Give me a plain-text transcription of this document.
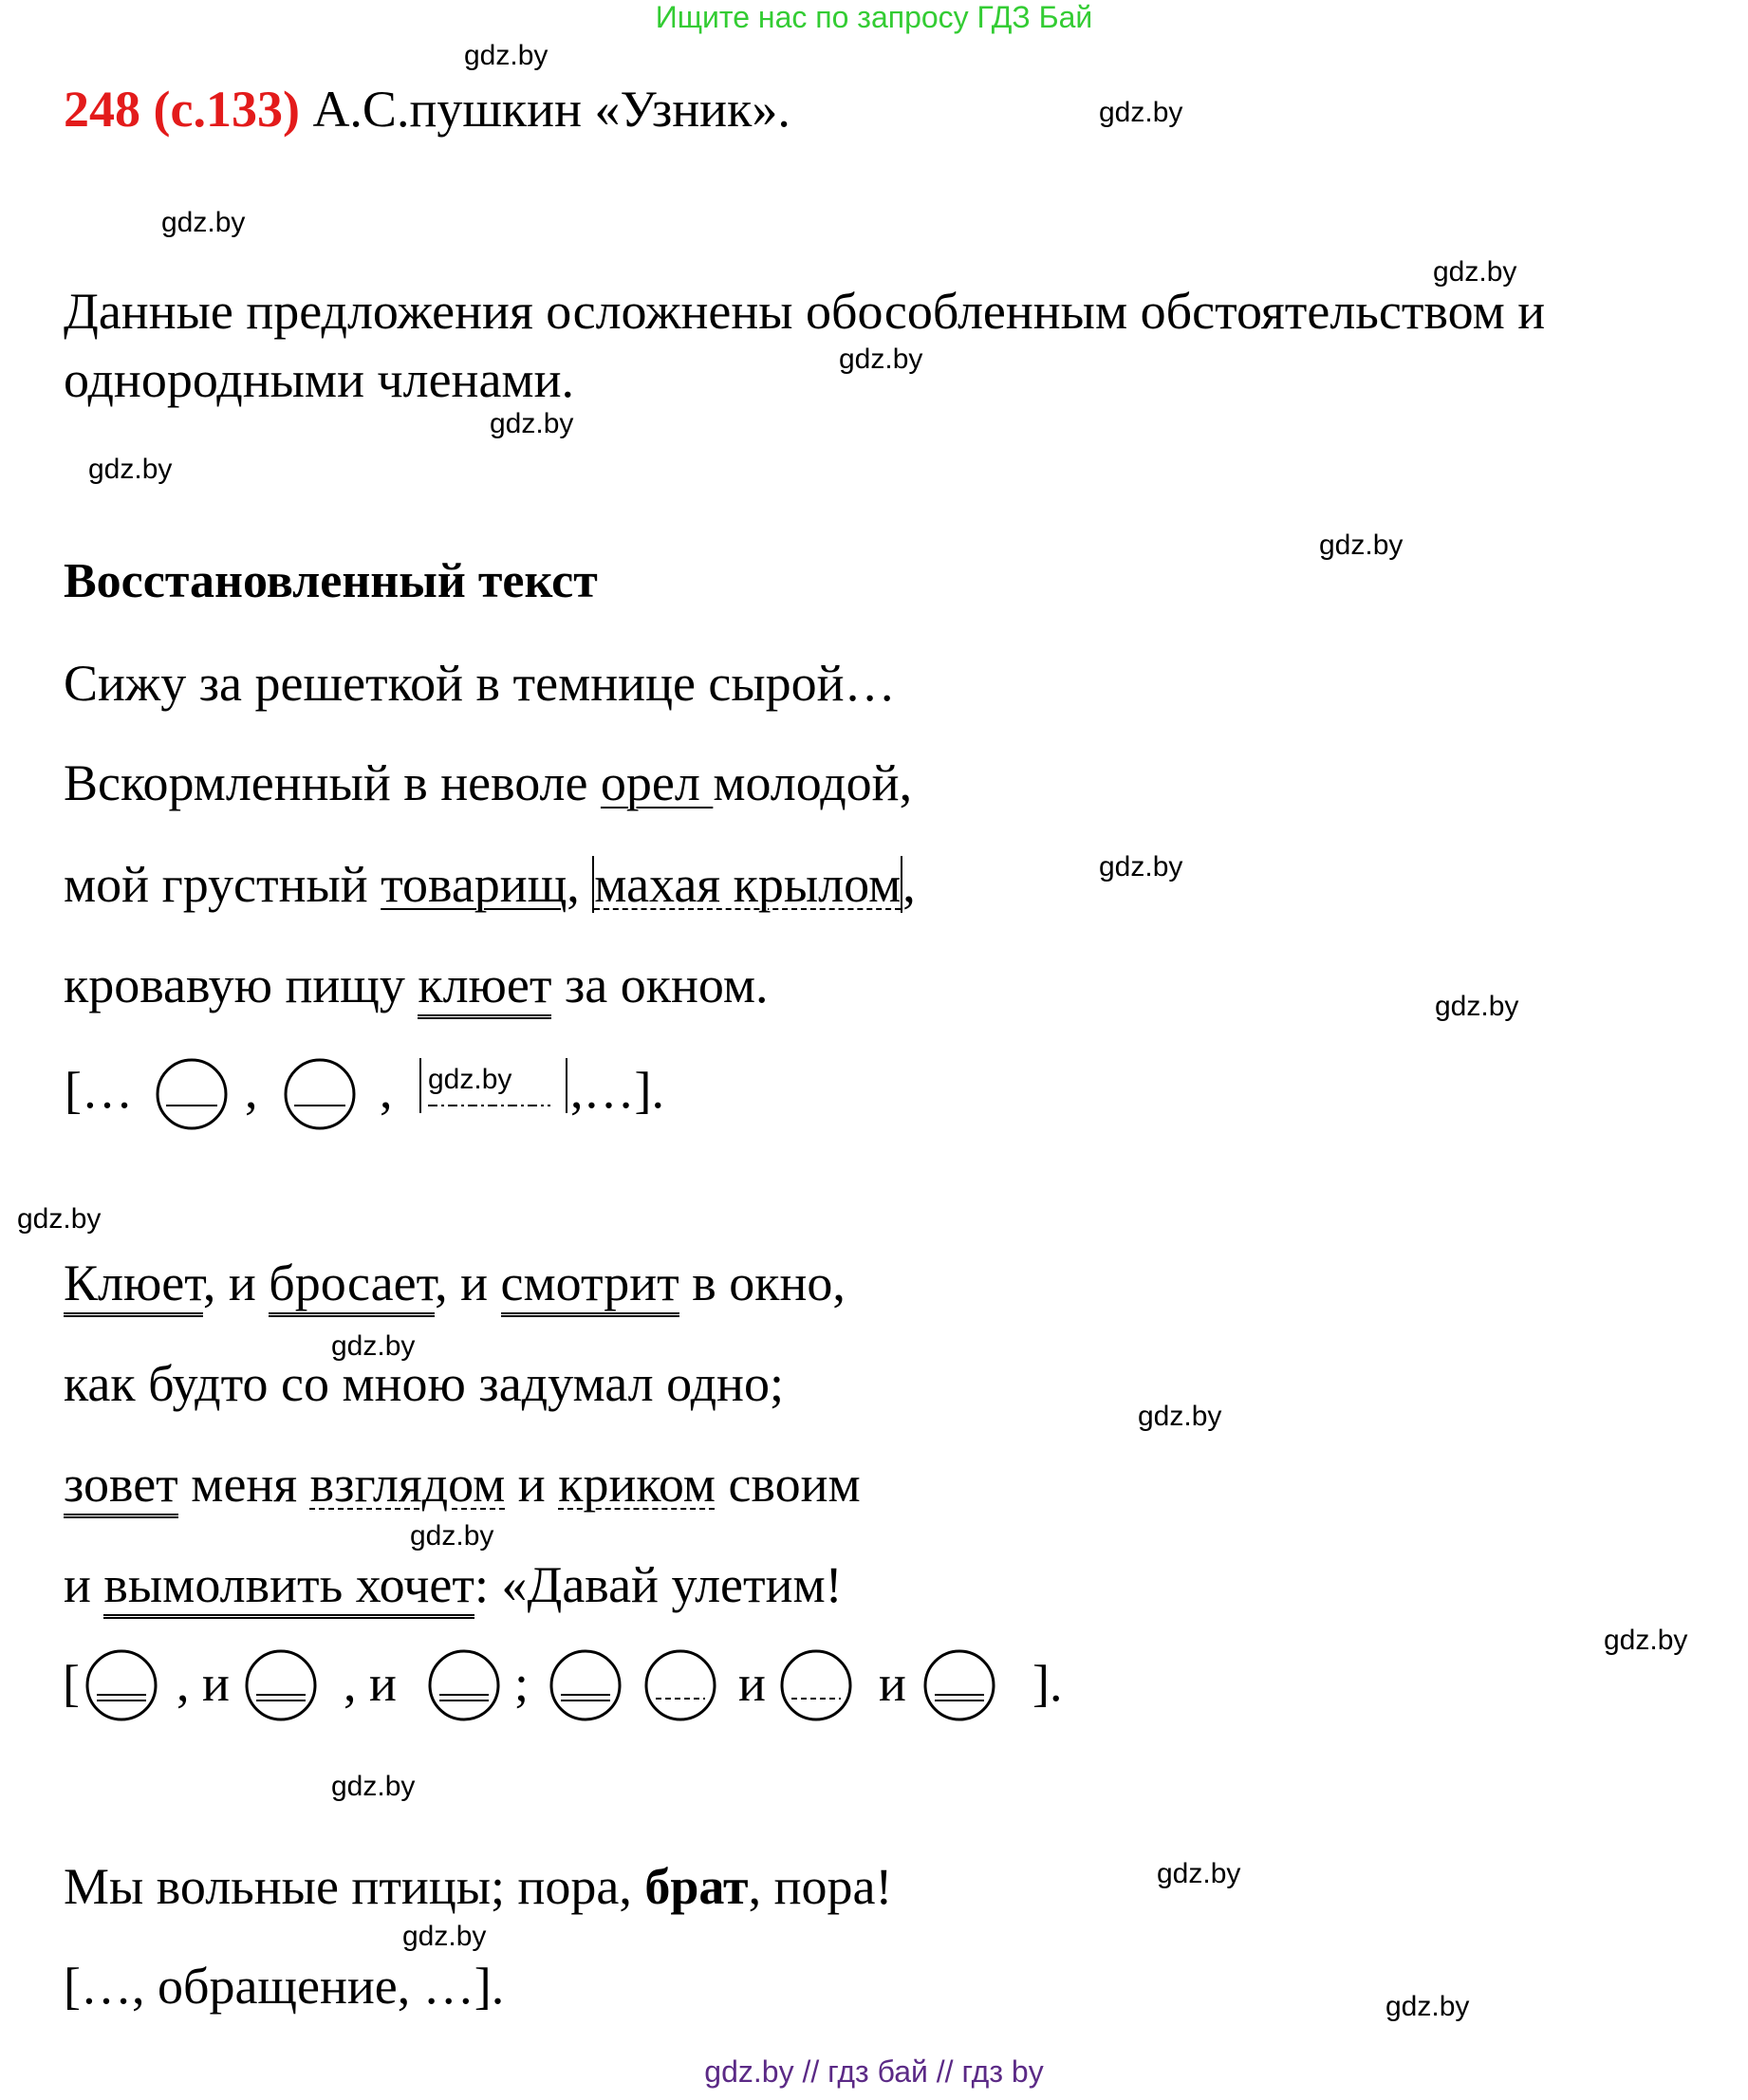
Ищите нас по запросу ГДЗ Бай
gdz.by
gdz.by
gdz.by
gdz.by
gdz.by
gdz.by
gdz.by
gdz.by
gdz.by
gdz.by
gdz.by
gdz.by
gdz.by
gdz.by
gdz.by
gdz.by
gdz.by
gdz.by
gdz.by
248 (с.133) А.С.пушкин «Узник».
Данные предложения осложнены обособленным обстоятельством и
однородными членами.
Восстановленный текст
Сижу за решеткой в темнице сырой…
Вскормленный в неволе орел молодой,
мой грустный товарищ, махая крылом,
кровавую пищу клюет за окном.
[… , , gdz.by ,…].
Клюет, и бросает, и смотрит в окно,
как будто со мною задумал одно;
зовет меня взглядом и криком своим
и вымолвить хочет: «Давай улетим!
[ , и , и ;	и и ].
Мы вольные птицы; пора, брат, пора!
[…, обращение, …].
gdz.by // гдз бай // гдз by
